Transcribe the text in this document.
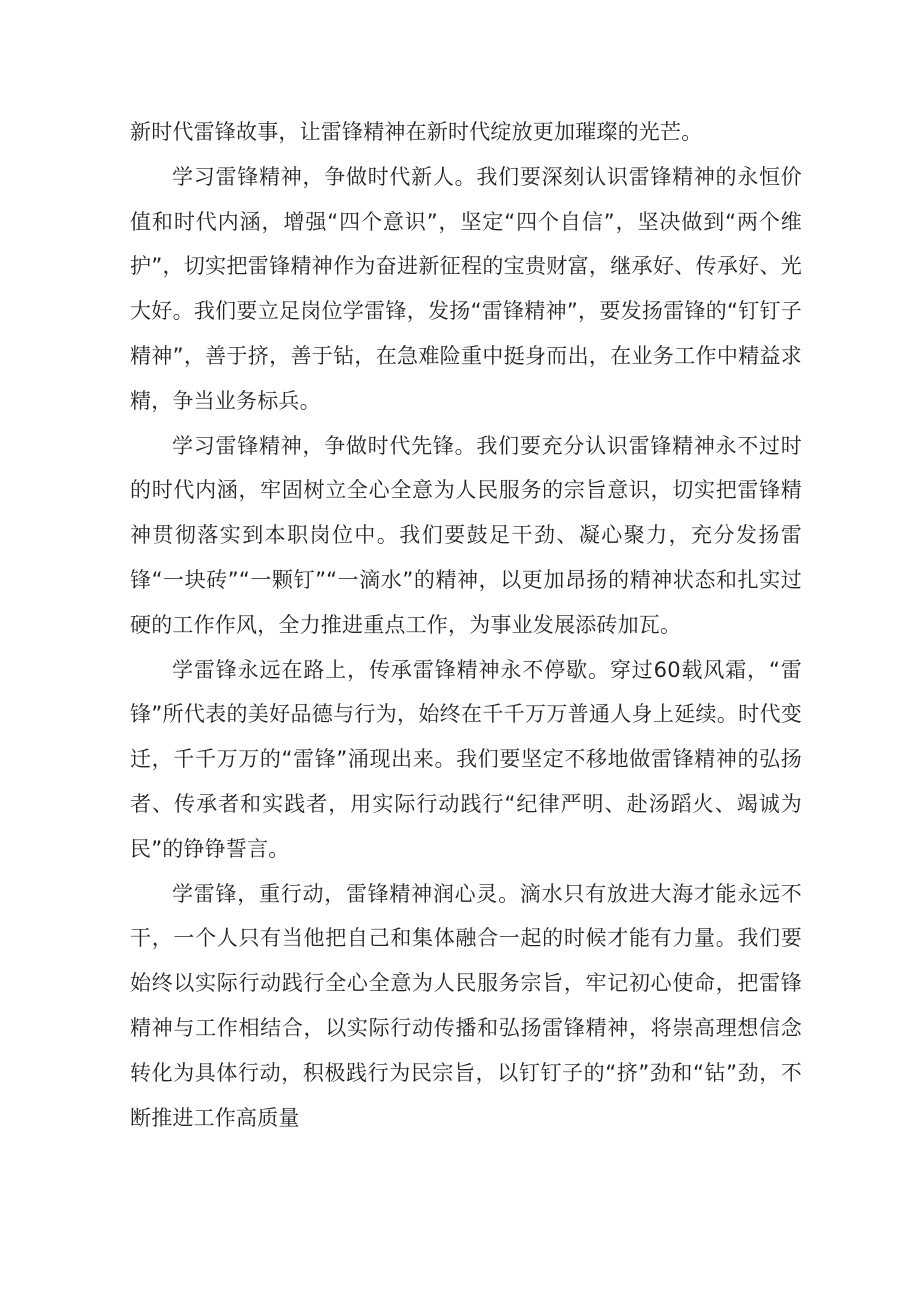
新时代雷锋故事，让雷锋精神在新时代绽放更加璀璨的光芒。

学习雷锋精神，争做时代新人。我们要深刻认识雷锋精神的永恒价值和时代内涵，增强“四个意识”，坚定“四个自信”，坚决做到“两个维护”，切实把雷锋精神作为奋进新征程的宝贵财富，继承好、传承好、光大好。我们要立足岗位学雷锋，发扬“雷锋精神”，要发扬雷锋的“钉钉子精神”，善于挤，善于钻，在急难险重中挺身而出，在业务工作中精益求精，争当业务标兵。

学习雷锋精神，争做时代先锋。我们要充分认识雷锋精神永不过时的时代内涵，牢固树立全心全意为人民服务的宗旨意识，切实把雷锋精神贯彻落实到本职岗位中。我们要鼓足干劲、凝心聚力，充分发扬雷锋“一块砖”“一颗钉”“一滴水”的精神，以更加昂扬的精神状态和扎实过硬的工作作风，全力推进重点工作，为事业发展添砖加瓦。

学雷锋永远在路上，传承雷锋精神永不停歇。穿过60载风霜，“雷锋”所代表的美好品德与行为，始终在千千万万普通人身上延续。时代变迁，千千万万的“雷锋”涌现出来。我们要坚定不移地做雷锋精神的弘扬者、传承者和实践者，用实际行动践行“纪律严明、赴汤蹈火、竭诚为民”的铮铮誓言。

学雷锋，重行动，雷锋精神润心灵。滴水只有放进大海才能永远不干，一个人只有当他把自己和集体融合一起的时候才能有力量。我们要始终以实际行动践行全心全意为人民服务宗旨，牢记初心使命，把雷锋精神与工作相结合，以实际行动传播和弘扬雷锋精神，将崇高理想信念转化为具体行动，积极践行为民宗旨，以钉钉子的“挤”劲和“钻”劲，不断推进工作高质量
